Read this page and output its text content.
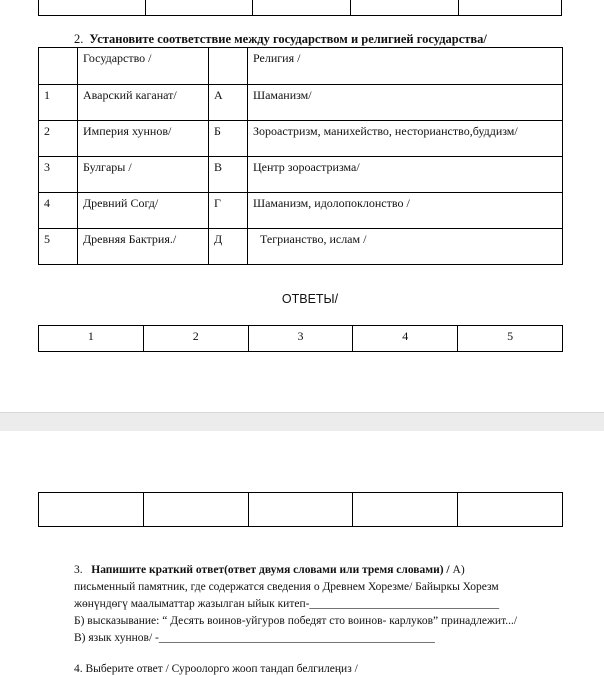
2. Установите соответствие между государством и религией государства/
	Государство /		Религия /
1	Аварский каганат/	А	Шаманизм/
2	Империя хуннов/	Б	Зороастризм, манихейство, несторианство,буддизм/
3	Булгары /	В	Центр зороастризма/
4	Древний Согд/	Г	Шаманизм, идолопоклонство /
5	Древняя Бактрия./	Д	Тегрианство, ислам /
ОТВЕТЫ/
1	2	3	4	5

3. Напишите краткий ответ(ответ двумя словами или тремя словами) / А)
письменный памятник, где содержатся сведения о Древнем Хорезме/ Байыркы Хорезм
жөнүндөгү маалыматтар жазылган ыйык китеп-_________________________________
Б) высказывание: “ Десять воинов-уйгуров победят сто воинов- карлуков” принадлежит.../
В) язык хуннов/ -________________________________________________
4. Выберите ответ / Суроолорго жооп тандап белгилеңиз /
